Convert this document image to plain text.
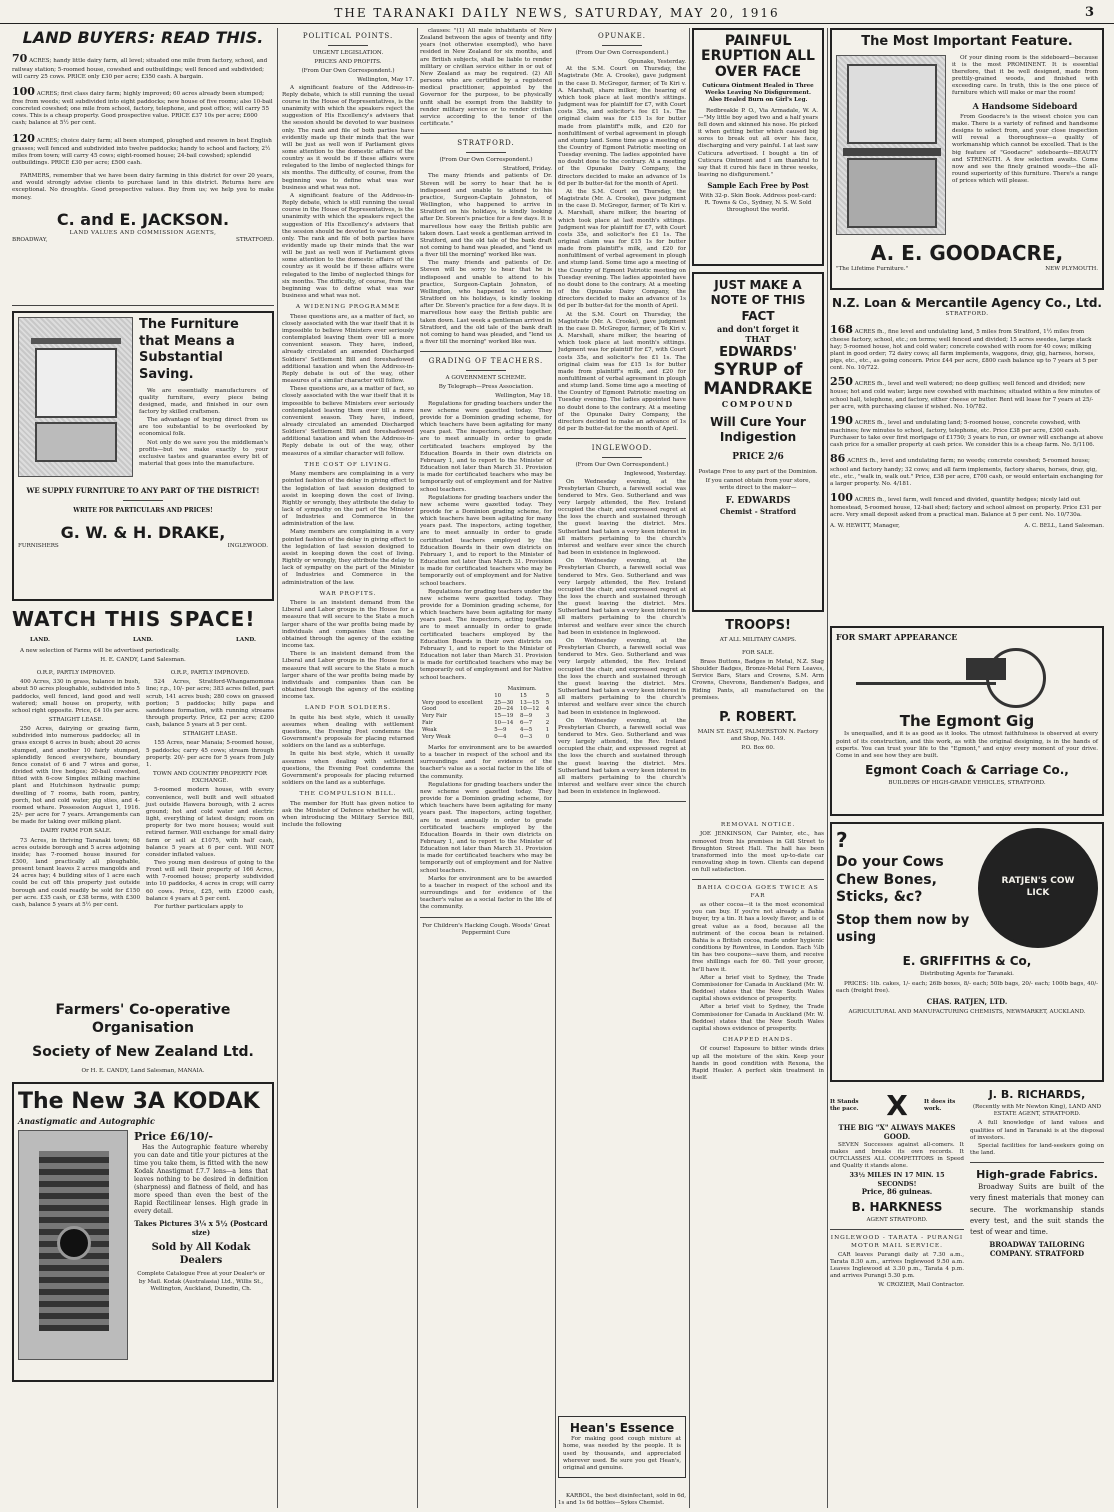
THE TARANAKI DAILY NEWS, SATURDAY, MAY 20, 1916	3
LAND BUYERS: READ THIS.
70 ACRES; handy little dairy farm, all level; situated one mile from factory, school, and railway station; 5-roomed house, cowshed and outbuildings; well fenced and subdivided; will carry 25 cows. PRICE only £30 per acre; £350 cash. A bargain.
100 ACRES; first class dairy farm; highly improved; 60 acres already been stumped; free from weeds; well subdivided into eight paddocks; new house of five rooms; also 10-bail concreted cowshed; one mile from school, factory, telephone, and post office; will carry 55 cows. This is a cheap property. Good prospective value. PRICE £37 10s per acre; £600 cash; balance at 5½ per cent.
120 ACRES; choice dairy farm; all been stumped, ploughed and resown in best English grasses; well fenced and subdivided into twelve paddocks; handy to school and factory, 2½ miles from town; will carry 45 cows; eight-roomed house; 24-bail cowshed; splendid outbuildings. PRICE £30 per acre; £500 cash.
FARMERS, remember that we have been dairy farming in this district for over 20 years, and would strongly advise clients to purchase land in this district. Returns here are exceptional. No droughts. Good prospective values. Buy from us; we help you to make money.
C. and E. JACKSON.
LAND VALUES AND COMMISSION AGENTS,
BROADWAY,	STRATFORD.
The Furniture that Means a Substantial Saving.
We are essentially manufacturers of quality furniture, every piece being designed, made, and finished in our own factory by skilled craftsmen.
The advantage of buying direct from us are too substantial to be overlooked by economical folk.
Not only do we save you the middleman's profits—but we make exactly to your exclusive tastes and guarantee every bit of material that goes into the manufacture.
WE SUPPLY FURNITURE TO ANY PART OF THE DISTRICT!
WRITE FOR PARTICULARS AND PRICES!
G. W. & H. DRAKE,
FURNISHERS	INGLEWOOD.
WATCH THIS SPACE!
LAND.	LAND.	LAND.
A new selection of Farms will be advertised periodically.
H. E. CANDY, Land Salesman.
O.R.P., PARTLY IMPROVED.
400 Acres, 330 in grass, balance in bush, about 50 acres ploughable, subdivided into 5 paddocks, well fenced, land good and well watered; small house on property, with school right opposite. Price, £4 10s per acre.
STRAIGHT LEASE.
250 Acres, dairying or grazing farm, subdivided into numerous paddocks; all in grass except 6 acres in bush; about 20 acres stumped, and another 10 fairly stumped, splendidly fenced everywhere, boundary fence consist of 6 and 7 wires and gorse, divided with live hedges; 20-bail cowshed, fitted with 6-cow Simplex milking machine plant and Hutchinson hydraulic pump; dwelling of 7 rooms, bath room, pantry, porch, hot and cold water, pig sties, and 4-roomed whare. Possession August 1, 1916. 25/- per acre for 7 years. Arrangements can be made for taking over milking plant.
DAIRY FARM FOR SALE.
73 Acres, in thriving Taranaki town; 68 acres outside borough and 5 acres adjoining inside; has 7-roomed house insured for £300, land practically all ploughable, present tenant leaves 2 acres mangolds and 24 acres hay; 4 building sites of 1 acre each could be cut off this property just outside borough and could readily be sold for £150 per acre. £35 cash, or £38 terms, with £300 cash, balance 5 years at 5½ per cent.
O.R.P., PARTLY IMPROVED.
524 Acres, Stratford-Whangamomona line; r.p., 10/- per acre; 383 acres felled, part scrub, 141 acres bush; 280 cows on grassed portion; 5 paddocks; hilly papa and sandstone formation, with running streams through property. Price, £2 per acre; £200 cash, balance 5 years at 5 per cent.
STRAIGHT LEASE.
155 Acres, near Manaia; 5-roomed house, 5 paddocks; carry 45 cows; stream through property. 20/- per acre for 5 years from July 1.
TOWN AND COUNTRY PROPERTY FOR EXCHANGE.
5-roomed modern house, with every convenience, well built and well situated just outside Hawera borough, with 2 acres ground; hot and cold water and electric light, everything of latest design; room on property for two more houses; would suit retired farmer. Will exchange for small dairy farm or sell at £1075, with half cash, balance 5 years at 6 per cent. Will NOT consider inflated values.
Two young men desirous of going to the Front will sell their property of 166 Acres, with 7-roomed house; property subdivided into 10 paddocks, 4 acres in crop; will carry 60 cows. Price, £25, with £2000 cash, balance 4 years at 5 per cent.
For further particulars apply to
Farmers' Co-operative Organisation
Society of New Zealand Ltd.
Or H. E. CANDY, Land Salesman, MANAIA.
The New 3A KODAK
Anastigmatic and Autographic
Price £6/10/-
Has the Autographic feature whereby you can date and title your pictures at the time you take them, is fitted with the new Kodak Anastigmat f.7.7 lens—a lens that leaves nothing to be desired in definition (sharpness) and flatness of field, and has more speed than even the best of the Rapid Rectilinear lenses. High grade in every detail.
Takes Pictures 3¼ x 5½ (Postcard size)
Sold by All Kodak Dealers
Complete Catalogue Free at your Dealer's or by Mail. Kodak (Australasia) Ltd., Willis St., Wellington, Auckland, Dunedin, Ch.
POLITICAL POINTS.
URGENT LEGISLATION.
PRICES AND PROFITS.
(From Our Own Correspondent.)
Wellington, May 17.
A significant feature of the Address-in-Reply debate, which is still running the usual course in the House of Representatives, is the unanimity with which the speakers reject the suggestion of His Excellency's advisers that the session should be devoted to war business only. The rank and file of both parties have evidently made up their minds that the war will be just as well won if Parliament gives some attention to the domestic affairs of the country as it would be if these affairs were relegated to the limbo of neglected things for six months. The difficulty, of course, from the beginning was to define what was war business and what was not.
A significant feature of the Address-in-Reply debate, which is still running the usual course in the House of Representatives, is the unanimity with which the speakers reject the suggestion of His Excellency's advisers that the session should be devoted to war business only. The rank and file of both parties have evidently made up their minds that the war will be just as well won if Parliament gives some attention to the domestic affairs of the country as it would be if these affairs were relegated to the limbo of neglected things for six months. The difficulty, of course, from the beginning was to define what was war business and what was not.
A WIDENING PROGRAMME
These questions are, as a matter of fact, so closely associated with the war itself that it is impossible to believe Ministers ever seriously contemplated leaving them over till a more convenient season. They have, indeed, already circulated an amended Discharged Soldiers' Settlement Bill and foreshadowed additional taxation and when the Address-in-Reply debate is out of the way, other measures of a similar character will follow.
These questions are, as a matter of fact, so closely associated with the war itself that it is impossible to believe Ministers ever seriously contemplated leaving them over till a more convenient season. They have, indeed, already circulated an amended Discharged Soldiers' Settlement Bill and foreshadowed additional taxation and when the Address-in-Reply debate is out of the way, other measures of a similar character will follow.
THE COST OF LIVING.
Many members are complaining in a very pointed fashion of the delay in giving effect to the legislation of last session designed to assist in keeping down the cost of living. Rightly or wrongly, they attribute the delay to lack of sympathy on the part of the Minister of Industries and Commerce in the administration of the law.
Many members are complaining in a very pointed fashion of the delay in giving effect to the legislation of last session designed to assist in keeping down the cost of living. Rightly or wrongly, they attribute the delay to lack of sympathy on the part of the Minister of Industries and Commerce in the administration of the law.
WAR PROFITS.
There is an insistent demand from the Liberal and Labor groups in the House for a measure that will secure to the State a much larger share of the war profits being made by individuals and companies than can be obtained through the agency of the existing income tax.
There is an insistent demand from the Liberal and Labor groups in the House for a measure that will secure to the State a much larger share of the war profits being made by individuals and companies than can be obtained through the agency of the existing income tax.
LAND FOR SOLDIERS.
In quite his best style, which it usually assumes when dealing with settlement questions, the Evening Post condemns the Government's proposals for placing returned soldiers on the land as a subterfuge.
In quite his best style, which it usually assumes when dealing with settlement questions, the Evening Post condemns the Government's proposals for placing returned soldiers on the land as a subterfuge.
THE COMPULSION BILL.
The member for Hutt has given notice to ask the Minister of Defence whether he will, when introducing the Military Service Bill, include the following
clauses: "(1) All male inhabitants of New Zealand between the ages of twenty and fifty years (not otherwise exempted), who have resided in New Zealand for six months, and are British subjects, shall be liable to render military or civilian service either in or out of New Zealand as may be required. (2) All persons who are certified by a registered medical practitioner, appointed by the Governor for the purpose, to be physically unfit shall be exempt from the liability to render military service or to render civilian service according to the tenor of the certificate."
STRATFORD.
(From Our Own Correspondent.)
Stratford, Friday.
The many friends and patients of Dr. Steven will be sorry to hear that he is indisposed and unable to attend to his practice, Surgeon-Captain Johnston, of Wellington, who happened to arrive in Stratford on his holidays, is kindly looking after Dr. Steven's practice for a few days. It is marvellous how easy the British public are taken down. Last week a gentleman arrived in Stratford, and the old tale of the bank draft not coming to hand was pleaded, and "lend us a fiver till the morning" worked like wax.
The many friends and patients of Dr. Steven will be sorry to hear that he is indisposed and unable to attend to his practice, Surgeon-Captain Johnston, of Wellington, who happened to arrive in Stratford on his holidays, is kindly looking after Dr. Steven's practice for a few days. It is marvellous how easy the British public are taken down. Last week a gentleman arrived in Stratford, and the old tale of the bank draft not coming to hand was pleaded, and "lend us a fiver till the morning" worked like wax.
GRADING OF TEACHERS.
A GOVERNMENT SCHEME.
By Telegraph—Press Association.
Wellington, May 18.
Regulations for grading teachers under the new scheme were gazetted today. They provide for a Dominion grading scheme, for which teachers have been agitating for many years past. The inspectors, acting together, are to meet annually in order to grade certificated teachers employed by the Education Boards in their own districts on February 1, and to report to the Minister of Education not later than March 31. Provision is made for certificated teachers who may be temporarily out of employment and for Native school teachers.
Regulations for grading teachers under the new scheme were gazetted today. They provide for a Dominion grading scheme, for which teachers have been agitating for many years past. The inspectors, acting together, are to meet annually in order to grade certificated teachers employed by the Education Boards in their own districts on February 1, and to report to the Minister of Education not later than March 31. Provision is made for certificated teachers who may be temporarily out of employment and for Native school teachers.
Regulations for grading teachers under the new scheme were gazetted today. They provide for a Dominion grading scheme, for which teachers have been agitating for many years past. The inspectors, acting together, are to meet annually in order to grade certificated teachers employed by the Education Boards in their own districts on February 1, and to report to the Minister of Education not later than March 31. Provision is made for certificated teachers who may be temporarily out of employment and for Native school teachers.
	Maximum.		
	10	15	5
Very good to excellent	25—30	13—15	5
Good	20—24	10—12	4
Very Fair	15—19	8—9	3
Fair	10—14	6—7	2
Weak	5—9	4—5	1
Very Weak	0—4	0—3	0
Marks for environment are to be awarded to a teacher in respect of the school and its surroundings and for evidence of the teacher's value as a social factor in the life of the community.
Regulations for grading teachers under the new scheme were gazetted today. They provide for a Dominion grading scheme, for which teachers have been agitating for many years past. The inspectors, acting together, are to meet annually in order to grade certificated teachers employed by the Education Boards in their own districts on February 1, and to report to the Minister of Education not later than March 31. Provision is made for certificated teachers who may be temporarily out of employment and for Native school teachers.
Marks for environment are to be awarded to a teacher in respect of the school and its surroundings and for evidence of the teacher's value as a social factor in the life of the community.
For Children's Hacking Cough. Woods' Great Peppermint Cure
OPUNAKE.
(From Our Own Correspondent.)
Opunake, Yesterday.
At the S.M. Court on Thursday, the Magistrate (Mr. A. Crooke), gave judgment in the case D. McGregor, farmer, of Te Kiri v. A. Marshall, share milker, the hearing of which took place at last month's sittings. Judgment was for plaintiff for £7, with Court costs 35s, and solicitor's fee £1 1s. The original claim was for £15 1s for butter made from plaintiff's milk, and £20 for nonfulfilment of verbal agreement in plough and stump land. Some time ago a meeting of the Country of Egmont Patriotic meeting on Tuesday evening. The ladies appointed have no doubt done to the contrary. At a meeting of the Opunake Dairy Company, the directors decided to make an advance of 1s 6d per lb butter-fat for the month of April.
At the S.M. Court on Thursday, the Magistrate (Mr. A. Crooke), gave judgment in the case D. McGregor, farmer, of Te Kiri v. A. Marshall, share milker, the hearing of which took place at last month's sittings. Judgment was for plaintiff for £7, with Court costs 35s, and solicitor's fee £1 1s. The original claim was for £15 1s for butter made from plaintiff's milk, and £20 for nonfulfilment of verbal agreement in plough and stump land. Some time ago a meeting of the Country of Egmont Patriotic meeting on Tuesday evening. The ladies appointed have no doubt done to the contrary. At a meeting of the Opunake Dairy Company, the directors decided to make an advance of 1s 6d per lb butter-fat for the month of April.
At the S.M. Court on Thursday, the Magistrate (Mr. A. Crooke), gave judgment in the case D. McGregor, farmer, of Te Kiri v. A. Marshall, share milker, the hearing of which took place at last month's sittings. Judgment was for plaintiff for £7, with Court costs 35s, and solicitor's fee £1 1s. The original claim was for £15 1s for butter made from plaintiff's milk, and £20 for nonfulfilment of verbal agreement in plough and stump land. Some time ago a meeting of the Country of Egmont Patriotic meeting on Tuesday evening. The ladies appointed have no doubt done to the contrary. At a meeting of the Opunake Dairy Company, the directors decided to make an advance of 1s 6d per lb butter-fat for the month of April.
INGLEWOOD.
(From Our Own Correspondent.)
Inglewood, Yesterday.
On Wednesday evening, at the Presbyterian Church, a farewell social was tendered to Mrs. Geo. Sutherland and was very largely attended, the Rev. Ireland occupied the chair, and expressed regret at the loss the church and sustained through the guest leaving the district. Mrs. Sutherland had taken a very keen interest in all matters pertaining to the church's interest and welfare ever since the church had been in existence in Inglewood.
On Wednesday evening, at the Presbyterian Church, a farewell social was tendered to Mrs. Geo. Sutherland and was very largely attended, the Rev. Ireland occupied the chair, and expressed regret at the loss the church and sustained through the guest leaving the district. Mrs. Sutherland had taken a very keen interest in all matters pertaining to the church's interest and welfare ever since the church had been in existence in Inglewood.
On Wednesday evening, at the Presbyterian Church, a farewell social was tendered to Mrs. Geo. Sutherland and was very largely attended, the Rev. Ireland occupied the chair, and expressed regret at the loss the church and sustained through the guest leaving the district. Mrs. Sutherland had taken a very keen interest in all matters pertaining to the church's interest and welfare ever since the church had been in existence in Inglewood.
On Wednesday evening, at the Presbyterian Church, a farewell social was tendered to Mrs. Geo. Sutherland and was very largely attended, the Rev. Ireland occupied the chair, and expressed regret at the loss the church and sustained through the guest leaving the district. Mrs. Sutherland had taken a very keen interest in all matters pertaining to the church's interest and welfare ever since the church had been in existence in Inglewood.
Hean's Essence
For making good cough mixture at home, was needed by the people. It is used by thousands, and appreciated wherever used. Be sure you get Hean's, original and genuine.
KARBOL, the best disinfectant, sold in 6d, 1s and 1s 6d bottles—Sykes Chemist.
PAINFUL ERUPTION ALL OVER FACE
Cuticura Ointment Healed in Three Weeks Leaving No Disfigurement. Also Healed Burn on Girl's Leg.
Redbreakle P. O., Via Armadale, W. A.—"My little boy aged two and a half years fell down and skinned his nose. He picked it when getting better which caused big sores to break out all over his face, discharging and very painful. I at last saw Cuticura advertised. I bought a tin of Cuticura Ointment and I am thankful to say that it cured his face in three weeks, leaving no disfigurement."
Sample Each Free by Post
With 32-p. Skin Book. Address post-card: R. Towns & Co., Sydney, N. S. W. Sold throughout the world.
JUST MAKE A NOTE OF THIS FACT
and don't forget it
THAT
EDWARDS'
SYRUP of MANDRAKE
COMPOUND
Will Cure Your Indigestion
PRICE 2/6
Postage Free to any part of the Dominion.
If you cannot obtain from your store, write direct to the maker—
F. EDWARDS
Chemist - Stratford
TROOPS!
AT ALL MILITARY CAMPS.
FOR SALE.
Brass Buttons, Badges in Metal, N.Z. Stag Shoulder Badges, Bronze-Metal Fern Leaves, Service Bars, Stars and Crowns, S.M. Arm Crowns, Chevrons, Bandsmen's Badges, and Riding Pants, all manufactured on the premises.
P. ROBERT.
MAIN ST. EAST, PALMERSTON N. Factory and Shop, No. 149.
P.O. Box 60.
REMOVAL NOTICE.
JOE JENKINSON, Car Painter, etc., has removed from his premises in Gill Street to Broughton Street Hall. The hall has been transformed into the most up-to-date car renovating shop in town. Clients can depend on full satisfaction.
BAHIA COCOA GOES TWICE AS FAR
as other cocoa—it is the most economical you can buy. If you're not already a Bahia buyer, try a tin. It has a lovely flavor, and is of great value as a food, because all the nutriment of the cocoa bean is retained. Bahia is a British cocoa, made under hygienic conditions by Rowntree, in London. Each ½lb tin has two coupons—save them, and receive free shillings each for 60. Tell your grocer, he'll have it.
After a brief visit to Sydney, the Trade Commissioner for Canada in Auckland (Mr. W. Beddoe) states that the New South Wales capital shows evidence of prosperity.
After a brief visit to Sydney, the Trade Commissioner for Canada in Auckland (Mr. W. Beddoe) states that the New South Wales capital shows evidence of prosperity.
CHAPPED HANDS.
Of course! Exposure to bitter winds dries up all the moisture of the skin. Keep your hands in good condition with Rexona, the Rapid Healer. A perfect skin treatment in itself.
The Most Important Feature.
Of your dining room is the sideboard—because it is the most PROMINENT. It is essential therefore, that it be well designed, made from prettily-grained woods, and finished with exceeding care. In truth, this is the one piece of furniture which will make or mar the room!
A Handsome Sideboard
From Goodacre's is the wisest choice you can make. There is a variety of refined and handsome designs to select from, and your close inspection will reveal a thoroughness—a quality of workmanship which cannot be excelled. That is the big feature of "Goodacre" sideboards—BEAUTY and STRENGTH. A few selection awaits. Come now and see the finely grained woods—the all-round superiority of this furniture. There's a range of prices which will please.
A. E. GOODACRE,
"The Lifetime Furniture."	NEW PLYMOUTH.
N.Z. Loan & Mercantile Agency Co., Ltd.
STRATFORD.
168 ACRES fh., fine level and undulating land, 5 miles from Stratford, 1½ miles from cheese factory, school, etc.; on terms; well fenced and divided; 15 acres swedes, large stack hay; 5-roomed house, hot and cold water; concrete cowshed with room for 40 cows; milking plant in good order; 72 dairy cows; all farm implements, waggons, dray, gig, harness, horses, pigs, etc., etc., as going concern. Price £44 per acre, £800 cash balance up to 7 years at 5 per cent. No. 10/722.
250 ACRES fh., level and well watered; no deep gullies; well fenced and divided; new house; hot and cold water; large new cowshed with machines; situated within a few minutes of school hall, telephone, and factory, either cheese or butter. Rent will lease for 7 years at 25/- per acre, with purchasing clause if wished. No. 10/782.
190 ACRES fh., level and undulating land; 5-roomed house, concrete cowshed, with machines; few minutes to school, factory, telephone, etc. Price £38 per acre, £300 cash. Purchaser to take over first mortgage of £1750; 3 years to run, or owner will exchange at above cash price for a smaller property at cash price. We consider this is a cheap farm. No. 5/1106.
86 ACRES fh., level and undulating farm; no weeds; concrete cowshed; 5-roomed house; school and factory handy; 32 cows; and all farm implements, factory shares, horses, dray, gig, etc., etc., "walk in, walk out." Price, £38 per acre, £700 cash, or would entertain exchanging for a larger property. No. 4/181.
100 ACRES fh., level farm, well fenced and divided, quantity hedges; nicely laid out homestead, 5-roomed house, 12-bail shed; factory and school almost on property. Price £31 per acre. Very small deposit asked from a practical man. Balance at 5 per cent. No. 10/730a.
A. W. HEWITT, Manager,	A. C. BELL, Land Salesman.
FOR SMART APPEARANCE
The Egmont Gig
Is unequalled, and it is as good as it looks. The utmost faithfulness is observed at every point of its construction, and this work, as with the original designing, is in the hands of experts. You can trust your life to the "Egmont," and enjoy every moment of your drive. Come in and see how they are built.
Egmont Coach & Carriage Co.,
BUILDERS OF HIGH-GRADE VEHICLES, STRATFORD.
?
Do your Cows Chew Bones, Sticks, &c?
Stop them now by using
RATJEN'S COW LICK
E. GRIFFITHS & Co,
Distributing Agents for Taranaki.
PRICES: 1lb. cakes, 1/- each; 26lb boxes, 8/- each; 50lb bags, 20/- each; 100lb bags, 40/- each (freight free).
CHAS. RATJEN, LTD.
AGRICULTURAL AND MANUFACTURING CHEMISTS, NEWMARKET, AUCKLAND.
It Stands the pace. X	It does its work.
THE BIG "X" ALWAYS MAKES GOOD.
SEVEN Successes against all-comers. It makes and breaks its own records. It OUTCLASSES ALL COMPETITORS in Speed and Quality it stands alone.
33½ MILES IN 17 MIN. 15 SECONDS!
Price, 86 guineas.
B. HARKNESS
AGENT STRATFORD.
INGLEWOOD - TARATA - PURANGI MOTOR MAIL SERVICE.
CAR leaves Purangi daily at 7.30 a.m., Tarata 8.30 a.m., arrives Inglewood 9.50 a.m. Leaves Inglewood at 3.30 p.m., Tarata 4 p.m. and arrives Purangi 5.30 p.m.
W. CROZIER, Mail Contractor.
J. B. RICHARDS,
(Recently with Mr Newton King), LAND AND ESTATE AGENT, STRATFORD.
A full knowledge of land values and qualities of land in Taranaki is at the disposal of investors.
Special facilities for land-seekers going on the land.
High-grade Fabrics.
Broadway Suits are built of the very finest materials that money can secure. The workmanship stands every test, and the suit stands the test of wear and time.
BROADWAY TAILORING COMPANY. STRATFORD
